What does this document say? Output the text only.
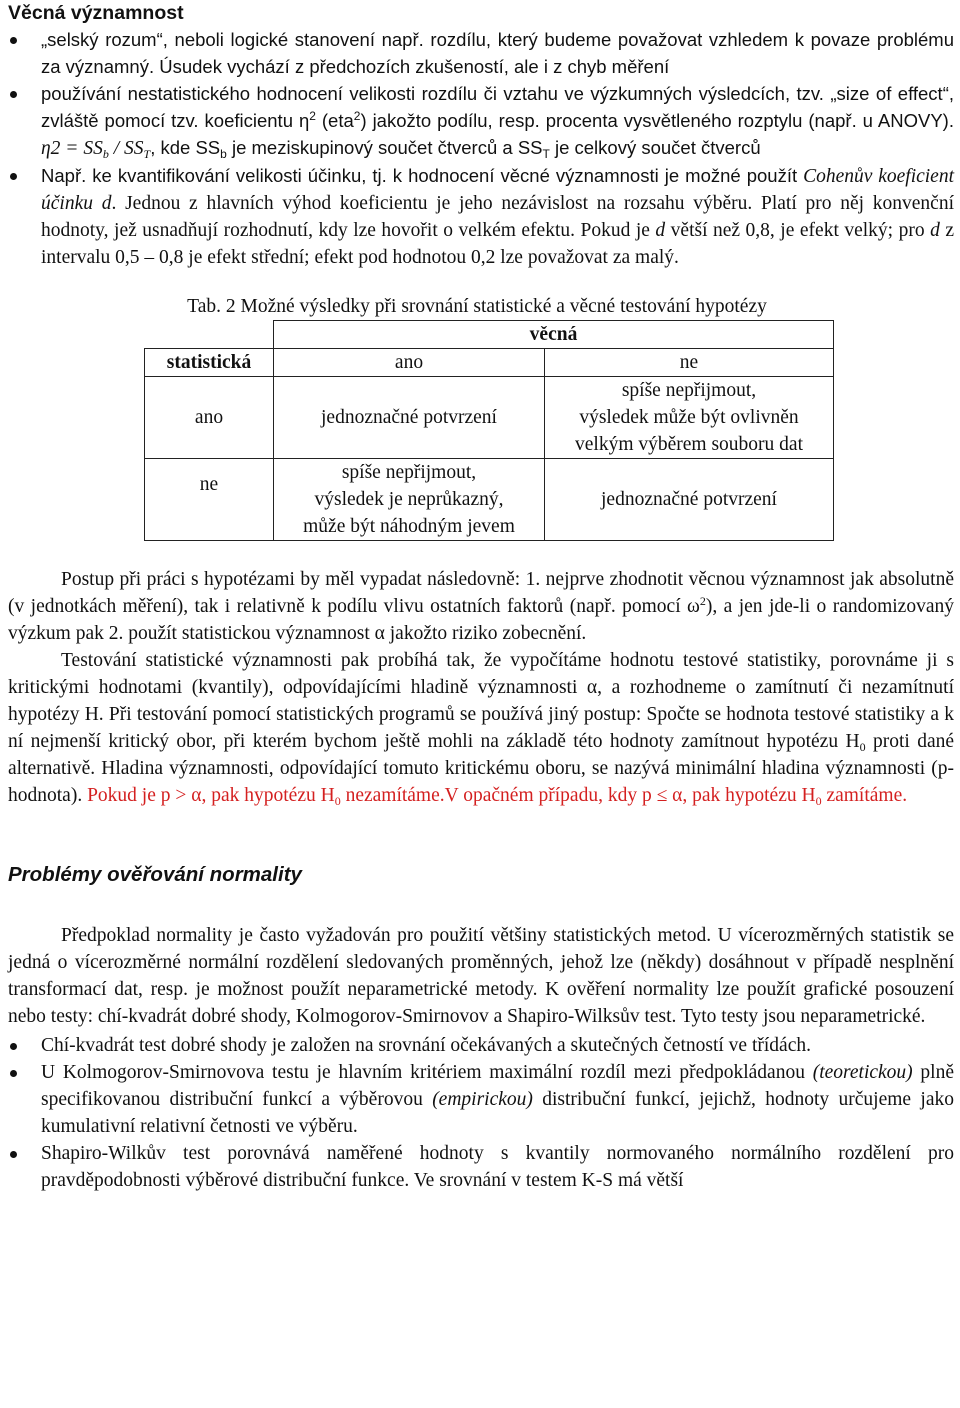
Věcná významnost
„selský rozum“, neboli logické stanovení např. rozdílu, který budeme považovat vzhledem k povaze problému za významný. Úsudek vychází z předchozích zkušeností, ale i z chyb měření
používání nestatistického hodnocení velikosti rozdílu či vztahu ve výzkumných výsledcích, tzv. „size of effect“, zvláště pomocí tzv. koeficientu $\eta^2$ (eta$^2$) jakožto podílu, resp. procenta vysvětleného rozptylu (např. u ANOVY). $\eta 2 = SS_b / SS_T$, kde $SS_b$ je meziskupinový součet čtverců a $SS_T$ je celkový součet čtverců
Např. ke kvantifikování velikosti účinku, tj. k hodnocení věcné významnosti je možné použít Cohenův koeficient účinku d. Jednou z hlavních výhod koeficientu je jeho nezávislost na rozsahu výběru. Platí pro něj konvenční hodnoty, jež usnadňují rozhodnutí, kdy lze hovořit o velkém efektu. Pokud je d větší než 0,8, je efekt velký; pro d z intervalu 0,5 – 0,8 je efekt střední; efekt pod hodnotou 0,2 lze považovat za malý.
Tab. 2 Možné výsledky při srovnání statistické a věcné testování hypotézy
	věcná	
statistická	ano	ne
ano	jednoznačné potvrzení	spíše nepřijmout,
výsledek může být ovlivněn
velkým výběrem souboru dat

ne	spíše nepřijmout,
výsledek je neprůkazný,
může být náhodným jevem	jednoznačné potvrzení

Postup při práci s hypotézami by měl vypadat následovně: 1. nejprve zhodnotit věcnou významnost jak absolutně (v jednotkách měření), tak i relativně k podílu vlivu ostatních faktorů (např. pomocí $\omega^2$), a jen jde-li o randomizovaný výzkum pak 2. použít statistickou významnost α jakožto riziko zobecnění.

Testování statistické významnosti pak probíhá tak, že vypočítáme hodnotu testové statistiky, porovnáme ji s kritickými hodnotami (kvantily), odpovídajícími hladině významnosti α, a rozhodneme o zamítnutí či nezamítnutí hypotézy H. Při testování pomocí statistických programů se používá jiný postup: Spočte se hodnota testové statistiky a k ní nejmenší kritický obor, při kterém bychom ještě mohli na základě této hodnoty zamítnout hypotézu $H_0$ proti dané alternativě. Hladina významnosti, odpovídající tomuto kritickému oboru, se nazývá minimální hladina významnosti (p-hodnota). Pokud je p > α, pak hypotézu $H_0$ nezamítáme.V opačném případu, kdy p ≤ α, pak hypotézu $H_0$ zamítáme.

Problémy ověřování normality

Předpoklad normality je často vyžadován pro použití většiny statistických metod. U vícerozměrných statistik se jedná o vícerozměrné normální rozdělení sledovaných proměnných, jehož lze (někdy) dosáhnout v případě nesplnění transformací dat, resp. je možnost použít neparametrické metody. K ověření normality lze použít grafické posouzení nebo testy: chí-kvadrát dobré shody, Kolmogorov-Smirnovov a Shapiro-Wilksův test. Tyto testy jsou neparametrické.

Chí-kvadrát test dobré shody je založen na srovnání očekávaných a skutečných četností ve třídách.
U Kolmogorov-Smirnovova testu je hlavním kritériem maximální rozdíl mezi předpokládanou (teoretickou) plně specifikovanou distribuční funkcí a výběrovou (empirickou) distribuční funkcí, jejichž, hodnoty určujeme jako kumulativní relativní četnosti ve výběru.
Shapiro-Wilkův test porovnává naměřené hodnoty s kvantily normovaného normálního rozdělení pro pravděpodobnosti výběrové distribuční funkce. Ve srovnání v testem K-S má větší
